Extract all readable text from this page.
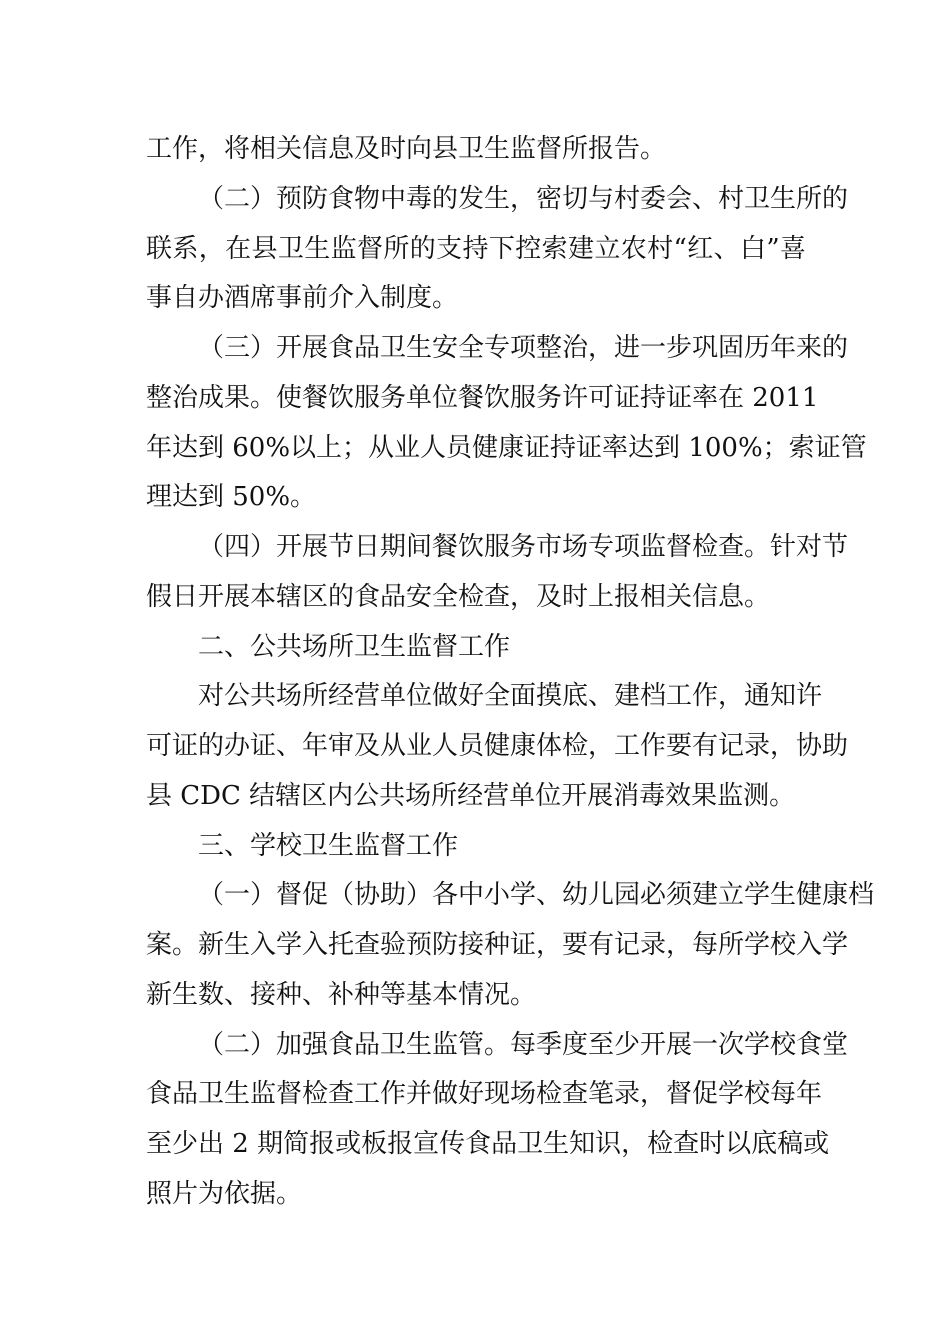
工作，将相关信息及时向县卫生监督所报告。
（二）预防食物中毒的发生，密切与村委会、村卫生所的
联系，在县卫生监督所的支持下控索建立农村“红、白”喜
事自办酒席事前介入制度。
（三）开展食品卫生安全专项整治，进一步巩固历年来的
整治成果。使餐饮服务单位餐饮服务许可证持证率在 2011
年达到 60%以上；从业人员健康证持证率达到 100%；索证管
理达到 50%。
（四）开展节日期间餐饮服务市场专项监督检查。针对节
假日开展本辖区的食品安全检查，及时上报相关信息。
二、公共场所卫生监督工作
对公共场所经营单位做好全面摸底、建档工作，通知许
可证的办证、年审及从业人员健康体检，工作要有记录，协助
县 CDC 结辖区内公共场所经营单位开展消毒效果监测。
三、学校卫生监督工作
（一）督促（协助）各中小学、幼儿园必须建立学生健康档
案。新生入学入托查验预防接种证，要有记录，每所学校入学
新生数、接种、补种等基本情况。
（二）加强食品卫生监管。每季度至少开展一次学校食堂
食品卫生监督检查工作并做好现场检查笔录，督促学校每年
至少出 2 期简报或板报宣传食品卫生知识，检查时以底稿或
照片为依据。
